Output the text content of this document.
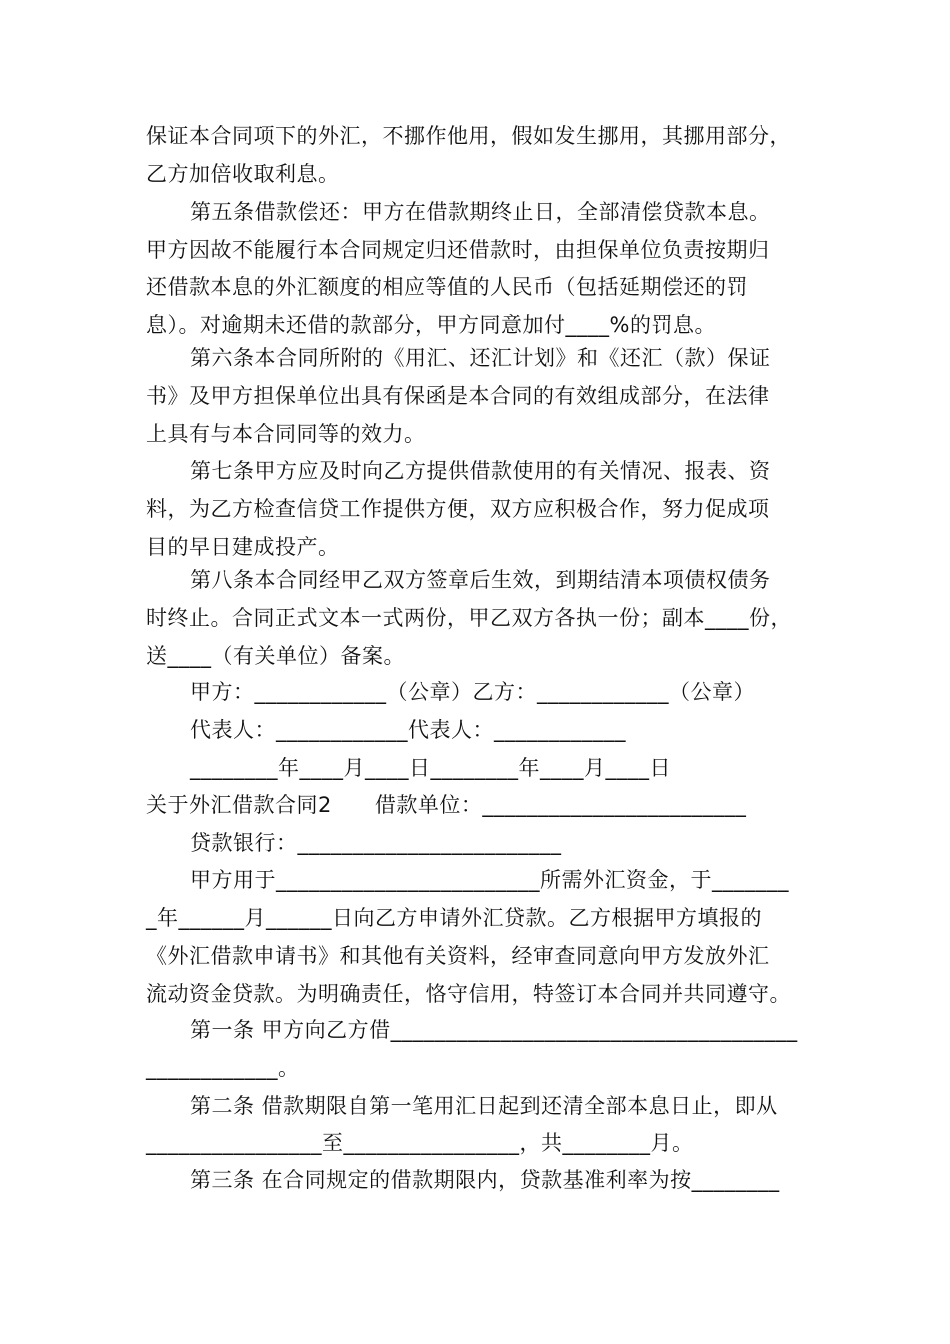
保证本合同项下的外汇，不挪作他用，假如发生挪用，其挪用部分，
乙方加倍收取利息。
第五条借款偿还：甲方在借款期终止日，全部清偿贷款本息。
甲方因故不能履行本合同规定归还借款时，由担保单位负责按期归
还借款本息的外汇额度的相应等值的人民币（包括延期偿还的罚
息）。对逾期未还借的款部分，甲方同意加付____%的罚息。
第六条本合同所附的《用汇、还汇计划》和《还汇（款）保证
书》及甲方担保单位出具有保函是本合同的有效组成部分，在法律
上具有与本合同同等的效力。
第七条甲方应及时向乙方提供借款使用的有关情况、报表、资
料，为乙方检查信贷工作提供方便，双方应积极合作，努力促成项
目的早日建成投产。
第八条本合同经甲乙双方签章后生效，到期结清本项债权债务
时终止。合同正式文本一式两份，甲乙双方各执一份；副本____份，
送____（有关单位）备案。
甲方：____________（公章）乙方：____________（公章）
代表人：____________代表人：____________
________年____月____日________年____月____日
关于外汇借款合同2　　借款单位：________________________
贷款银行：________________________
甲方用于________________________所需外汇资金，于_______
_年______月______日向乙方申请外汇贷款。乙方根据甲方填报的
《外汇借款申请书》和其他有关资料，经审查同意向甲方发放外汇
流动资金贷款。为明确责任，恪守信用，特签订本合同并共同遵守。
第一条 甲方向乙方借_____________________________________
____________。
第二条 借款期限自第一笔用汇日起到还清全部本息日止，即从
________________至________________，共________月。
第三条 在合同规定的借款期限内，贷款基准利率为按________
